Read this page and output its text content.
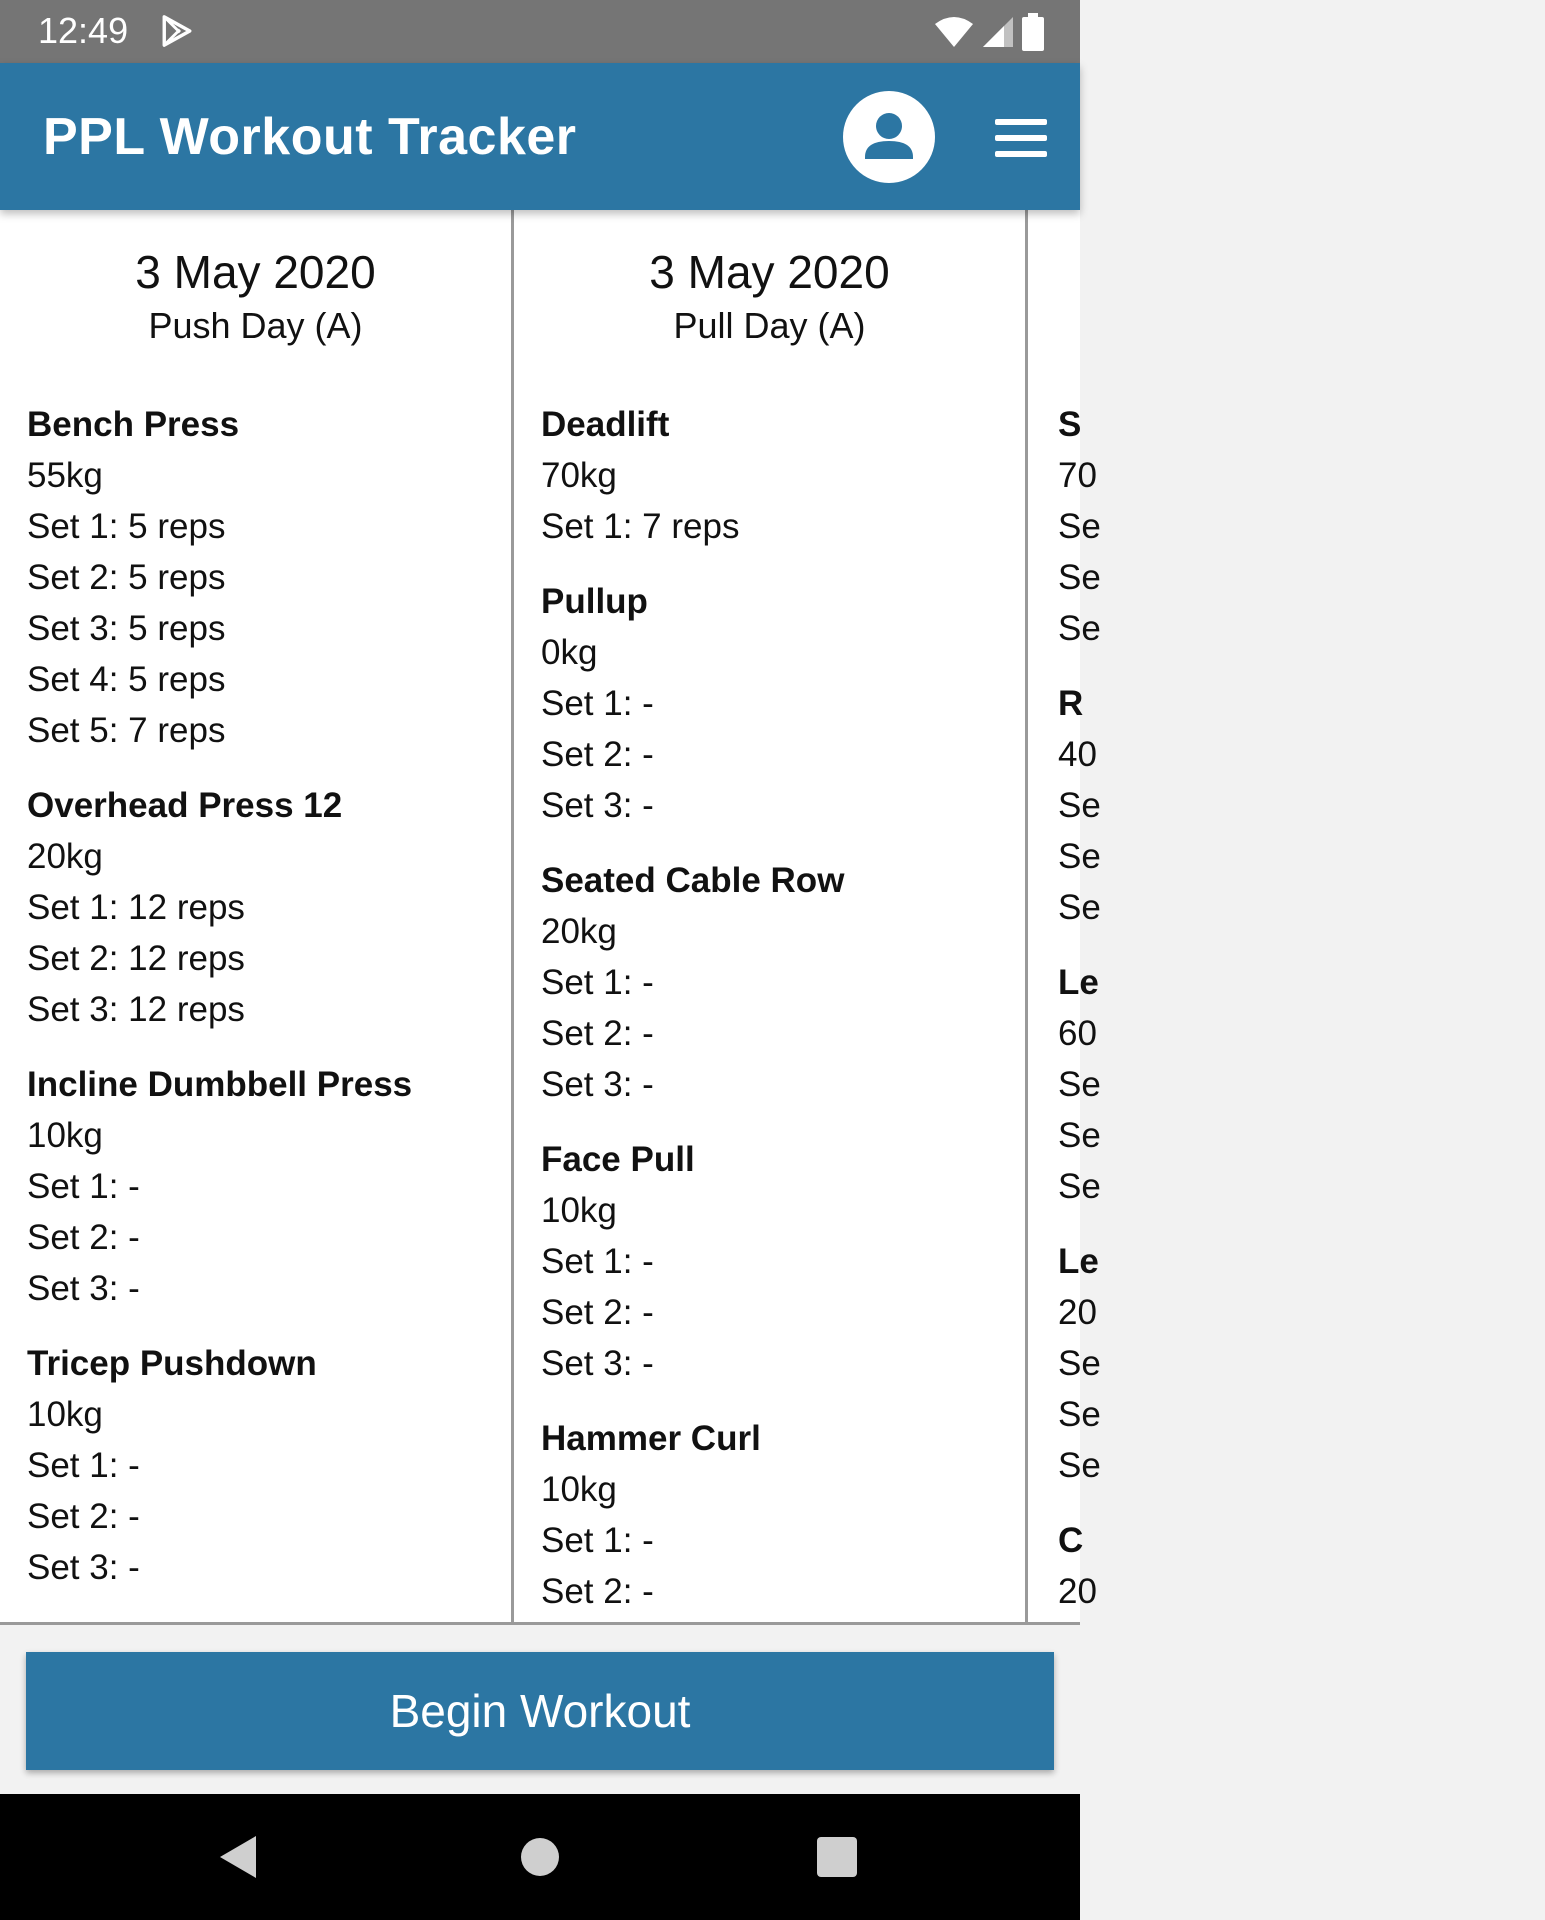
12:49
PPL Workout Tracker
3 May 2020
Push Day (A)
Bench Press
55kg
Set 1: 5 reps
Set 2: 5 reps
Set 3: 5 reps
Set 4: 5 reps
Set 5: 7 reps
Overhead Press 12
20kg
Set 1: 12 reps
Set 2: 12 reps
Set 3: 12 reps
Incline Dumbbell Press
10kg
Set 1: -
Set 2: -
Set 3: -
Tricep Pushdown
10kg
Set 1: -
Set 2: -
Set 3: -
3 May 2020
Pull Day (A)
Deadlift
70kg
Set 1: 7 reps
Pullup
0kg
Set 1: -
Set 2: -
Set 3: -
Seated Cable Row
20kg
Set 1: -
Set 2: -
Set 3: -
Face Pull
10kg
Set 1: -
Set 2: -
Set 3: -
Hammer Curl
10kg
Set 1: -
Set 2: -

S
70
Se
Se
Se
R
40
Se
Se
Se
Le
60
Se
Se
Se
Le
20
Se
Se
Se
C
20
Begin Workout
